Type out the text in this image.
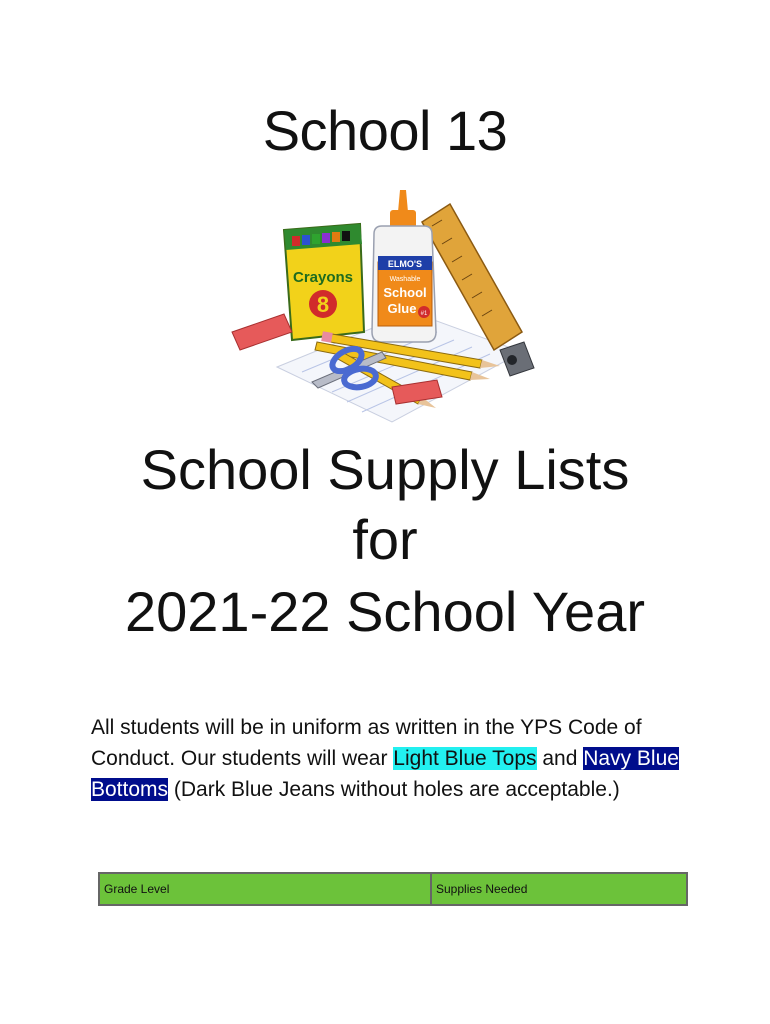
School 13
Crayons
8
ELMO'S
Washable
School
Glue #1
School Supply Lists
for
2021-22 School Year

All students will be in uniform as written in the YPS Code of Conduct. Our students will wear Light Blue Tops and Navy Blue Bottoms (Dark Blue Jeans without holes are acceptable.)

Grade Level	Supplies Needed
